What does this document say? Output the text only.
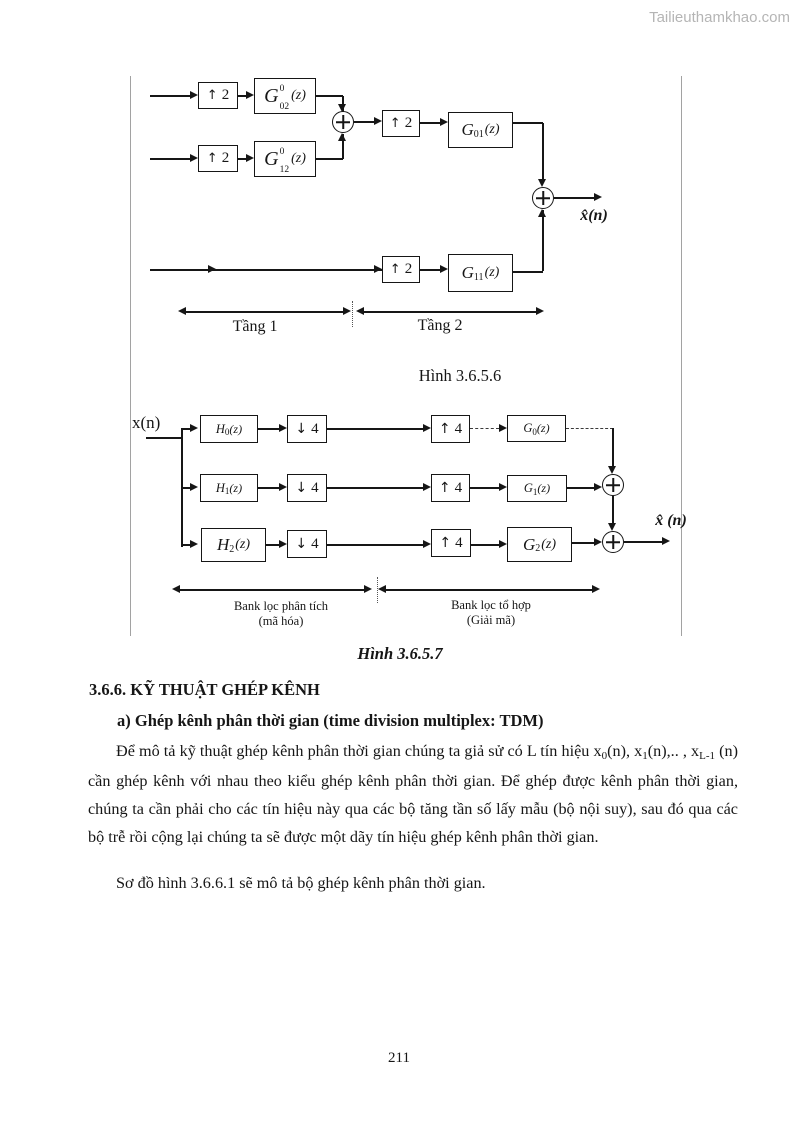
Tailieuthamkhao.com
↑ 2 G 0
02
(z)
↑ 2 G 0
12
(z)
↑ 2	G 01 (z)
x̂(n)
↑ 2	G 11 (z)
Tầng 1	Tầng 2
Hình 3.6.5.6
x(n)	H 0 (z)	↓ 4	↑ 4	G 0 (z)
H 1 (z)	↓ 4	↑ 4	G 1 (z)
H 2 (z)	↓ 4	↑ 4	G 2 (z)
x̂ (n)
Bank lọc phân tích
(mã hóa)
Bank lọc tổ hợp
(Giải mã)
Hình 3.6.5.7
3.6.6. KỸ THUẬT GHÉP KÊNH
a) Ghép kênh phân thời gian (time division multiplex: TDM)

Để mô tả kỹ thuật ghép kênh phân thời gian chúng ta giả sử có L tín hiệu x0(n), x1(n),.. , xL-1 (n) cần ghép kênh với nhau theo kiểu ghép kênh phân thời gian. Để ghép được kênh phân thời gian, chúng ta cần phải cho các tín hiệu này qua các bộ tăng tần số lấy mẫu (bộ nội suy), sau đó qua các bộ trễ rồi cộng lại chúng ta sẽ được một dãy tín hiệu ghép kênh phân thời gian.

Sơ đồ hình 3.6.6.1 sẽ mô tả bộ ghép kênh phân thời gian.

211
